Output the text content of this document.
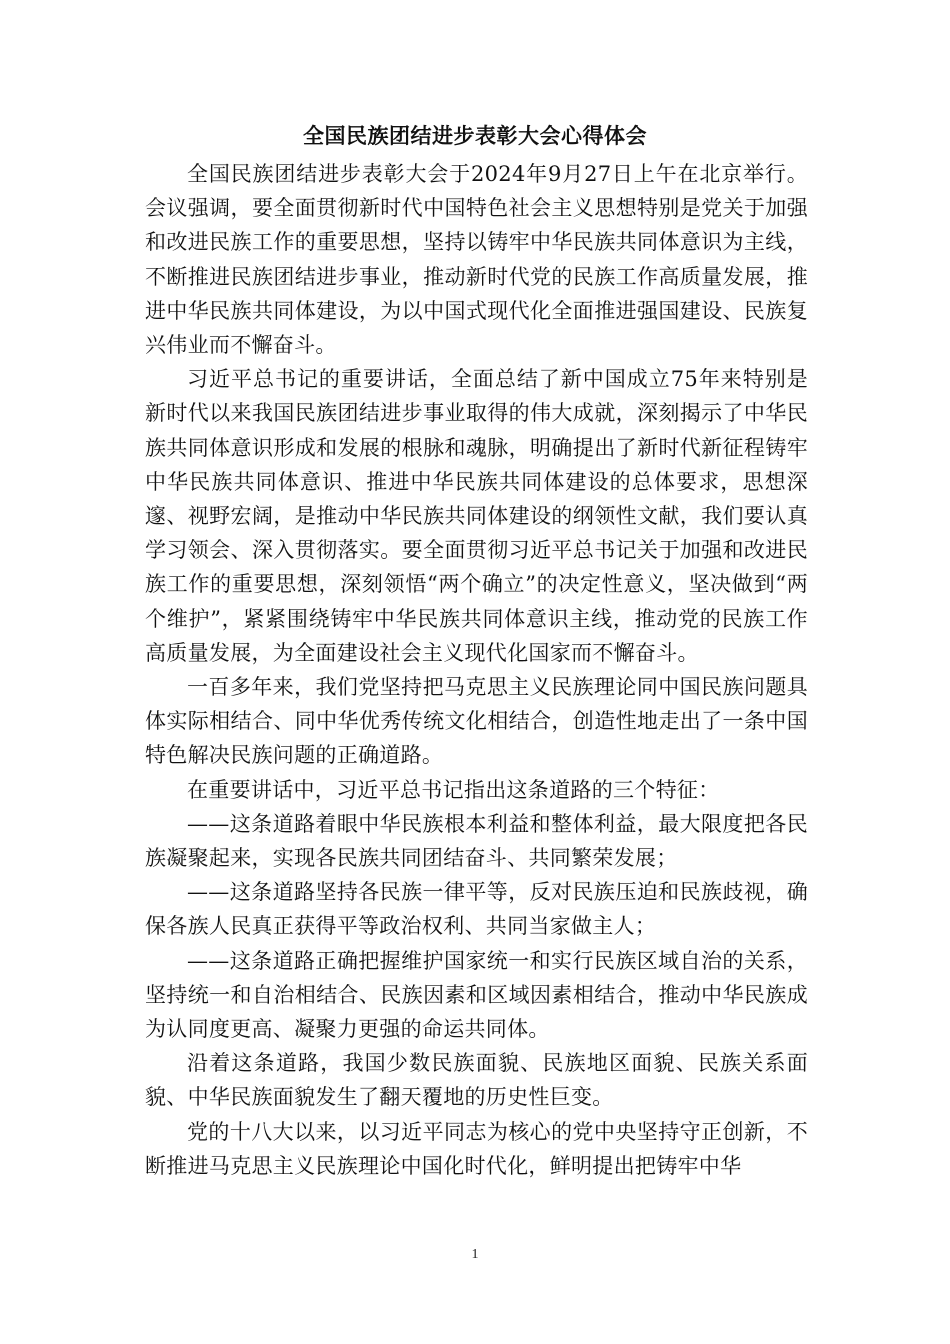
全国民族团结进步表彰大会心得体会

全国民族团结进步表彰大会于2024年9月27日上午在北京举行。会议强调，要全面贯彻新时代中国特色社会主义思想特别是党关于加强和改进民族工作的重要思想，坚持以铸牢中华民族共同体意识为主线，不断推进民族团结进步事业，推动新时代党的民族工作高质量发展，推进中华民族共同体建设，为以中国式现代化全面推进强国建设、民族复兴伟业而不懈奋斗。

习近平总书记的重要讲话，全面总结了新中国成立75年来特别是新时代以来我国民族团结进步事业取得的伟大成就，深刻揭示了中华民族共同体意识形成和发展的根脉和魂脉，明确提出了新时代新征程铸牢中华民族共同体意识、推进中华民族共同体建设的总体要求，思想深邃、视野宏阔，是推动中华民族共同体建设的纲领性文献，我们要认真学习领会、深入贯彻落实。要全面贯彻习近平总书记关于加强和改进民族工作的重要思想，深刻领悟“两个确立”的决定性意义，坚决做到“两个维护”，紧紧围绕铸牢中华民族共同体意识主线，推动党的民族工作高质量发展，为全面建设社会主义现代化国家而不懈奋斗。

一百多年来，我们党坚持把马克思主义民族理论同中国民族问题具体实际相结合、同中华优秀传统文化相结合，创造性地走出了一条中国特色解决民族问题的正确道路。

在重要讲话中，习近平总书记指出这条道路的三个特征：

——这条道路着眼中华民族根本利益和整体利益，最大限度把各民族凝聚起来，实现各民族共同团结奋斗、共同繁荣发展；

——这条道路坚持各民族一律平等，反对民族压迫和民族歧视，确保各族人民真正获得平等政治权利、共同当家做主人；

——这条道路正确把握维护国家统一和实行民族区域自治的关系，坚持统一和自治相结合、民族因素和区域因素相结合，推动中华民族成为认同度更高、凝聚力更强的命运共同体。

沿着这条道路，我国少数民族面貌、民族地区面貌、民族关系面貌、中华民族面貌发生了翻天覆地的历史性巨变。

党的十八大以来，以习近平同志为核心的党中央坚持守正创新，不断推进马克思主义民族理论中国化时代化，鲜明提出把铸牢中华

1
